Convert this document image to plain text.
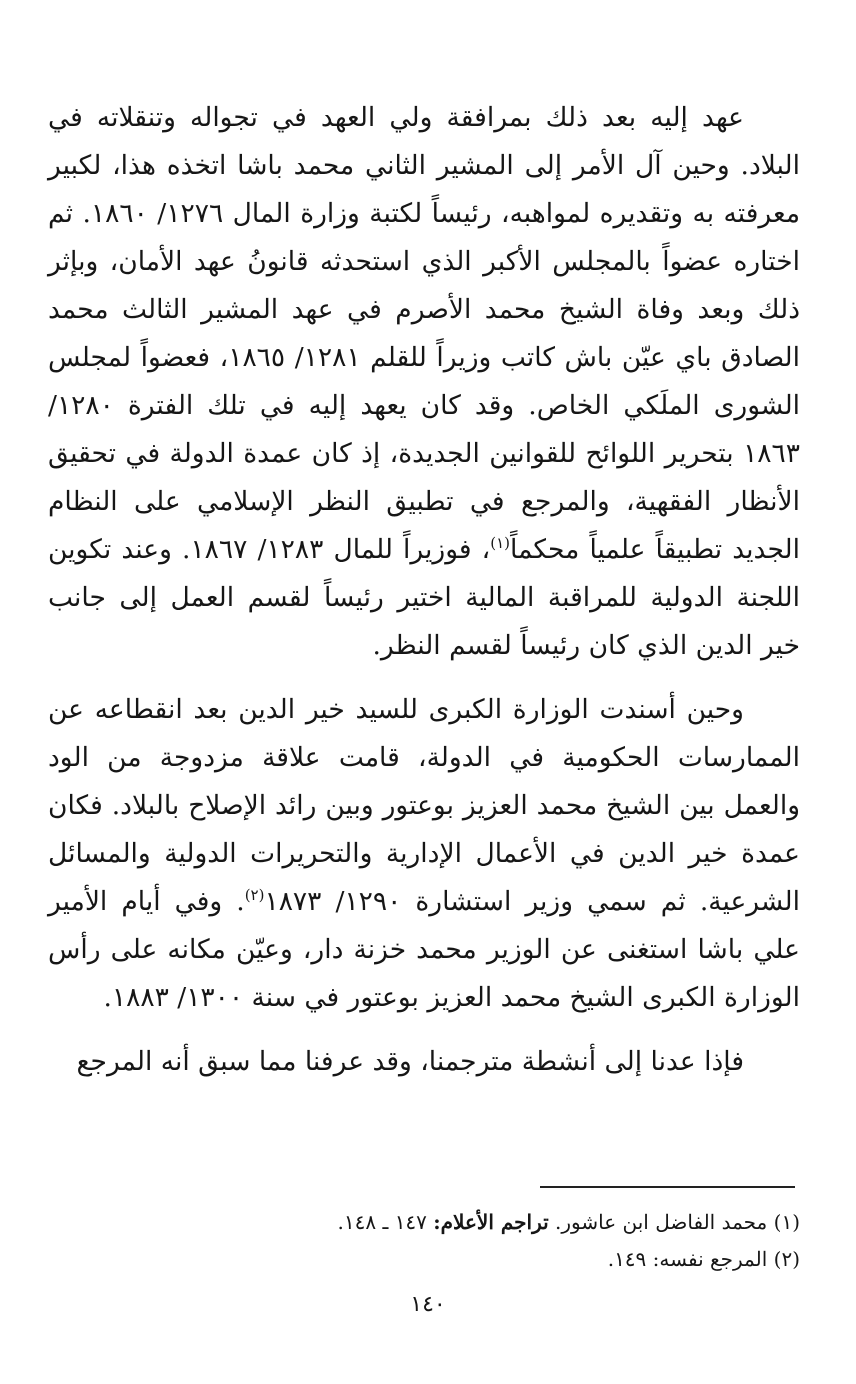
عهد إليه بعد ذلك بمرافقة ولي العهد في تجواله وتنقلاته في البلاد. وحين آل الأمر إلى المشير الثاني محمد باشا اتخذه هذا، لكبير معرفته به وتقديره لمواهبه، رئيساً لكتبة وزارة المال ١٢٧٦/ ١٨٦٠. ثم اختاره عضواً بالمجلس الأكبر الذي استحدثه قانونُ عهد الأمان، وبإثر ذلك وبعد وفاة الشيخ محمد الأصرم في عهد المشير الثالث محمد الصادق باي عيّن باش كاتب وزيراً للقلم ١٢٨١/ ١٨٦٥، فعضواً لمجلس الشورى الملَكي الخاص. وقد كان يعهد إليه في تلك الفترة ١٢٨٠/ ١٨٦٣ بتحرير اللوائح للقوانين الجديدة، إذ كان عمدة الدولة في تحقيق الأنظار الفقهية، والمرجع في تطبيق النظر الإسلامي على النظام الجديد تطبيقاً علمياً محكماً$^{(١)}$، فوزيراً للمال ١٢٨٣/ ١٨٦٧. وعند تكوين اللجنة الدولية للمراقبة المالية اختير رئيساً لقسم العمل إلى جانب خير الدين الذي كان رئيساً لقسم النظر.

وحين أسندت الوزارة الكبرى للسيد خير الدين بعد انقطاعه عن الممارسات الحكومية في الدولة، قامت علاقة مزدوجة من الود والعمل بين الشيخ محمد العزيز بوعتور وبين رائد الإصلاح بالبلاد. فكان عمدة خير الدين في الأعمال الإدارية والتحريرات الدولية والمسائل الشرعية. ثم سمي وزير استشارة ١٢٩٠/ ١٨٧٣$^{(٢)}$. وفي أيام الأمير علي باشا استغنى عن الوزير محمد خزنة دار، وعيّن مكانه على رأس الوزارة الكبرى الشيخ محمد العزيز بوعتور في سنة ١٣٠٠/ ١٨٨٣.

فإذا عدنا إلى أنشطة مترجمنا، وقد عرفنا مما سبق أنه المرجع

(١) محمد الفاضل ابن عاشور. تراجم الأعلام: ١٤٧ ـ ١٤٨.

(٢) المرجع نفسه: ١٤٩.

١٤٠
